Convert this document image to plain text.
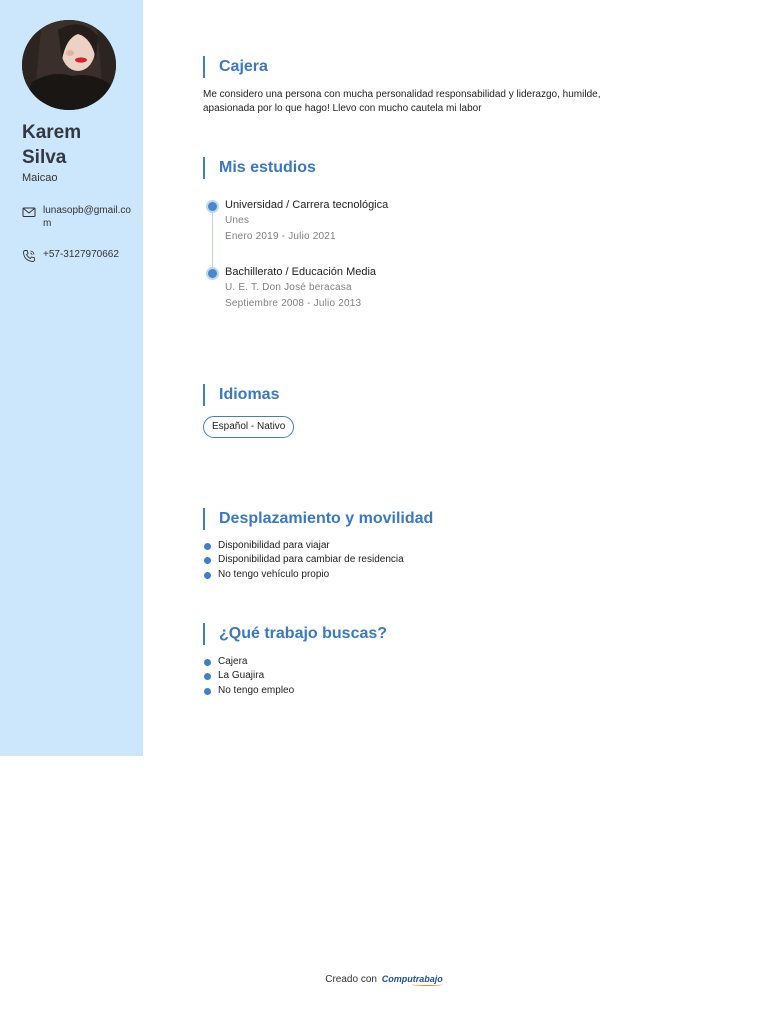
Karem
Silva
Maicao
lunasopb@gmail.com
+57-3127970662
Cajera
Me considero una persona con mucha personalidad responsabilidad y liderazgo, humilde, apasionada por lo que hago! Llevo con mucho cautela mi labor
Mis estudios
Universidad / Carrera tecnológica
Unes
Enero 2019 - Julio 2021
Bachillerato / Educación Media
U. E. T. Don José beracasa
Septiembre 2008 - Julio 2013
Idiomas
Español - Nativo
Desplazamiento y movilidad
Disponibilidad para viajar
Disponibilidad para cambiar de residencia
No tengo vehículo propio
¿Qué trabajo buscas?
Cajera
La Guajira
No tengo empleo
Creado con Computrabajo
